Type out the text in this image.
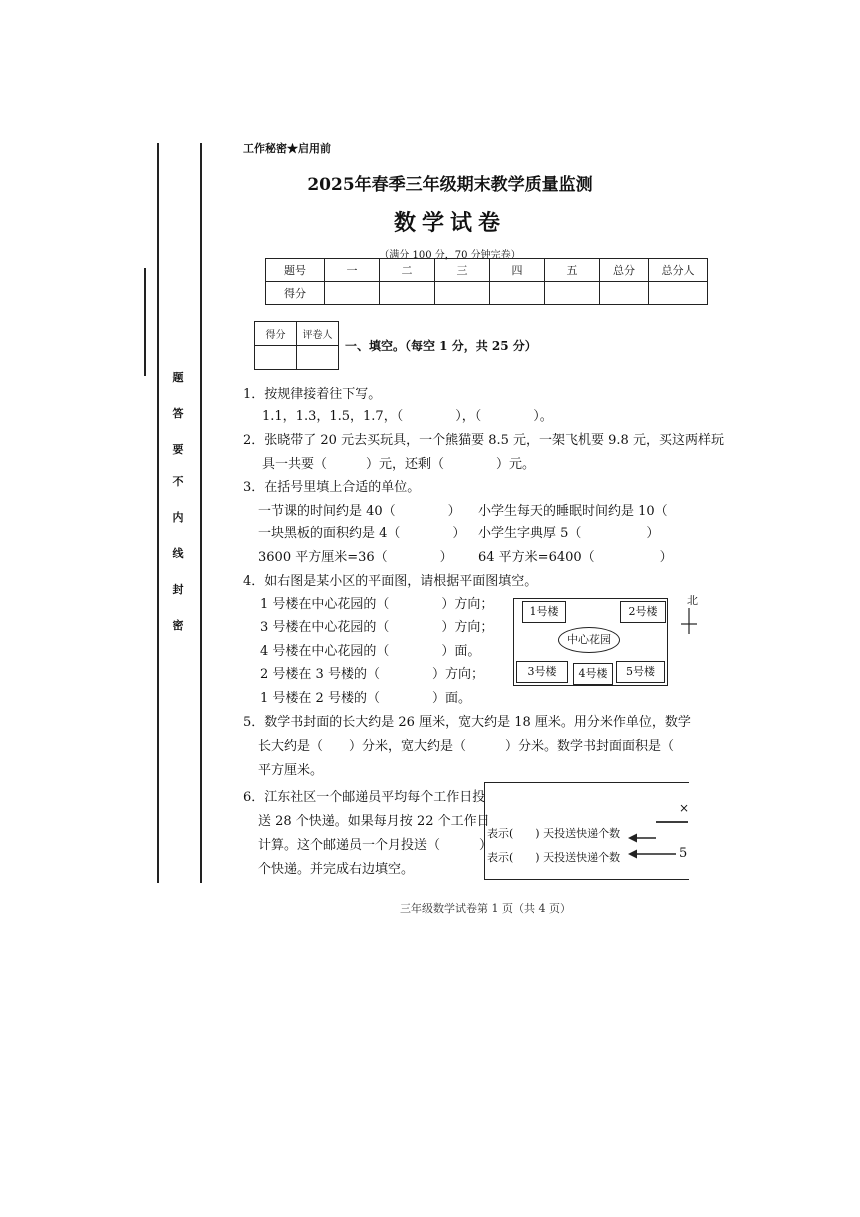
密
封
线
内
不
要
答
题
工作秘密★启用前
2025年春季三年级期末教学质量监测
数学试卷
（满分 100 分，70 分钟完卷）
题号	一	二	三	四	五	总分	总分人
得分							
得分	评卷人

一、填空。（每空 1 分，共 25 分）
1．按规律接着往下写。
1.1，1.3，1.5，1.7，（　　　　），（　　　　）。
2．张晓带了 20 元去买玩具，一个熊猫要 8.5 元，一架飞机要 9.8 元，买这两样玩
具一共要（　　　）元，还剩（　　　　）元。
3．在括号里填上合适的单位。
一节课的时间约是 40（　　　　） 小学生每天的睡眠时间约是 10（
一块黑板的面积约是 4（　　　　） 小学生字典厚 5（　　　　　）
3600 平方厘米=36（　　　　） 64 平方米=6400（　　　　　）
4．如右图是某小区的平面图，请根据平面图填空。
1 号楼在中心花园的（　　　　）方向；
3 号楼在中心花园的（　　　　）方向；
4 号楼在中心花园的（　　　　）面。
2 号楼在 3 号楼的（　　　　）方向；
1 号楼在 2 号楼的（　　　　）面。
1号楼	2号楼
中心花园
3号楼	4号楼	5号楼
北
5．数学书封面的长大约是 26 厘米，宽大约是 18 厘米。用分米作单位，数学
长大约是（　　）分米，宽大约是（　　　）分米。数学书封面面积是（
平方厘米。
6．江东社区一个邮递员平均每个工作日投
送 28 个快递。如果每月按 22 个工作日
计算。这个邮递员一个月投送（　　　）
个快递。并完成右边填空。
×
表示(　　) 天投送快递个数
表示(　　) 天投送快递个数	5
三年级数学试卷第 1 页（共 4 页）
